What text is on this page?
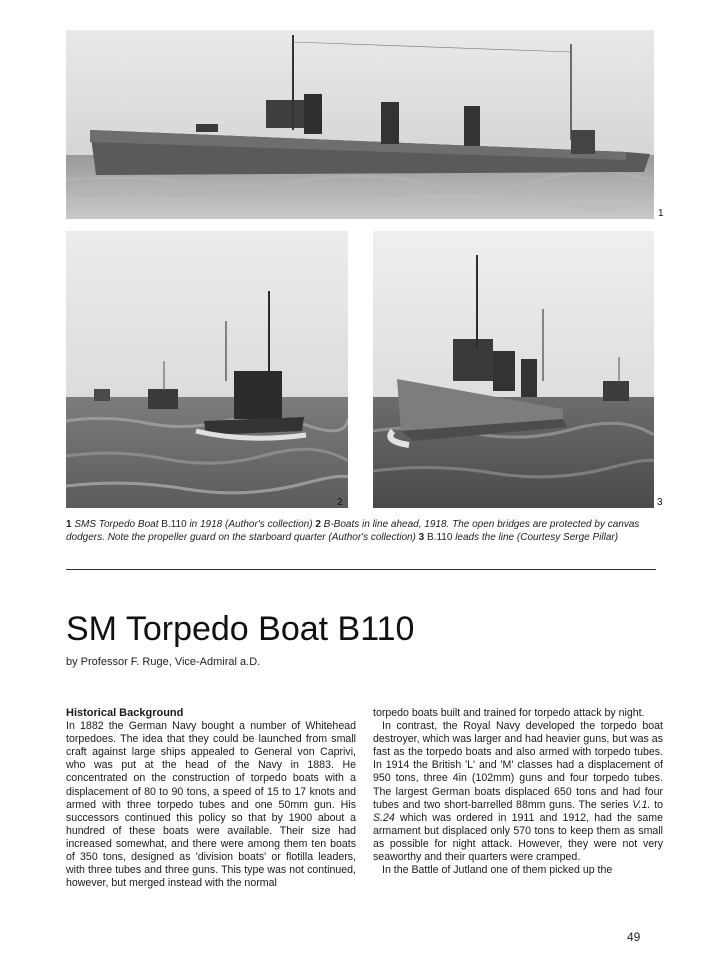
1
2	3
1 SMS Torpedo Boat B.110 in 1918 (Author's collection) 2 B-Boats in line ahead, 1918. The open bridges are protected by canvas dodgers. Note the propeller guard on the starboard quarter (Author's collection) 3 B.110 leads the line (Courtesy Serge Pillar)
SM Torpedo Boat B110
by Professor F. Ruge, Vice-Admiral a.D.
Historical Background

In 1882 the German Navy bought a number of Whitehead torpedoes. The idea that they could be launched from small craft against large ships appealed to General von Caprivi, who was put at the head of the Navy in 1883. He concentrated on the construction of torpedo boats with a displacement of 80 to 90 tons, a speed of 15 to 17 knots and armed with three torpedo tubes and one 50mm gun. His successors continued this policy so that by 1900 about a hundred of these boats were available. Their size had increased somewhat, and there were among them ten boats of 350 tons, designed as 'division boats' or flotilla leaders, with three tubes and three guns. This type was not continued, however, but merged instead with the normal

torpedo boats built and trained for torpedo attack by night.

In contrast, the Royal Navy developed the torpedo boat destroyer, which was larger and had heavier guns, but was as fast as the torpedo boats and also armed with torpedo tubes. In 1914 the British 'L' and 'M' classes had a displacement of 950 tons, three 4in (102mm) guns and four torpedo tubes. The largest German boats displaced 650 tons and had four tubes and two short-barrelled 88mm guns. The series V.1. to S.24 which was ordered in 1911 and 1912, had the same armament but displaced only 570 tons to keep them as small as possible for night attack. However, they were not very seaworthy and their quarters were cramped.

In the Battle of Jutland one of them picked up the

49
